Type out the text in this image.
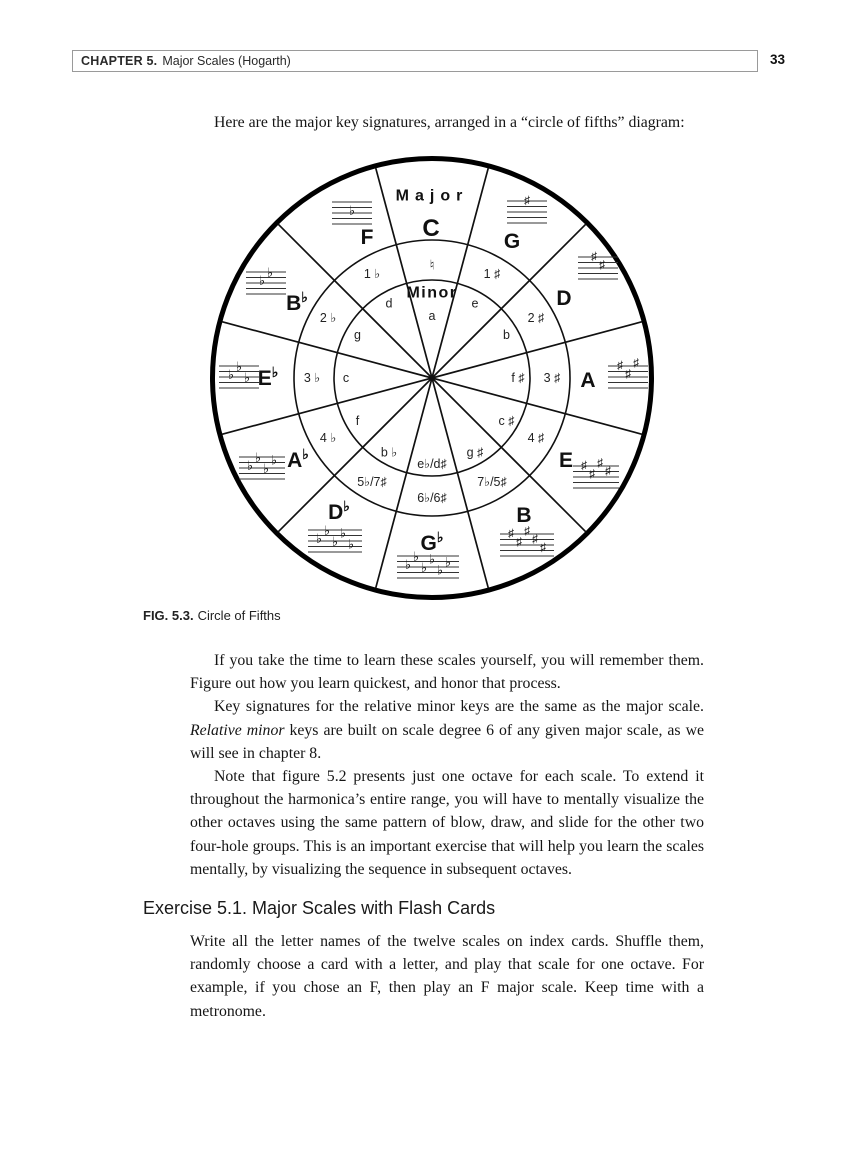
CHAPTER 5. Major Scales (Hogarth)	33

Here are the major key signatures, arranged in a “circle of fifths” diagram:

Major
Minor
C
♮
a
G
1 ♯
e
♯
D
2 ♯
b
♯
♯
A
3 ♯
f ♯
♯
♯
♯
E
4 ♯
c ♯
♯
♯
♯
♯
B
7♭/5♯
g ♯
♯
♯
♯
♯
♯
G♭
6♭/6♯
e♭/d♯
♭
♭
♭
♭
♭
♭
D♭
5♭/7♯
b ♭
♭
♭
♭
♭
♭
A♭
4 ♭
f
♭
♭
♭
♭
E♭ 3 ♭ c
♭
♭
♭
B♭
2 ♭
g
♭
♭
F
1 ♭
d
♭
FIG. 5.3. Circle of Fifths

If you take the time to learn these scales yourself, you will remember them. Figure out how you learn quickest, and honor that process.

Key signatures for the relative minor keys are the same as the major scale. Relative minor keys are built on scale degree 6 of any given major scale, as we will see in chapter 8.

Note that figure 5.2 presents just one octave for each scale. To extend it throughout the harmonica’s entire range, you will have to mentally visualize the other octaves using the same pattern of blow, draw, and slide for the other two four-hole groups. This is an important exercise that will help you learn the scales mentally, by visualizing the sequence in subsequent octaves.

Exercise 5.1. Major Scales with Flash Cards

Write all the letter names of the twelve scales on index cards. Shuffle them, randomly choose a card with a letter, and play that scale for one octave. For example, if you chose an F, then play an F major scale. Keep time with a metronome.
